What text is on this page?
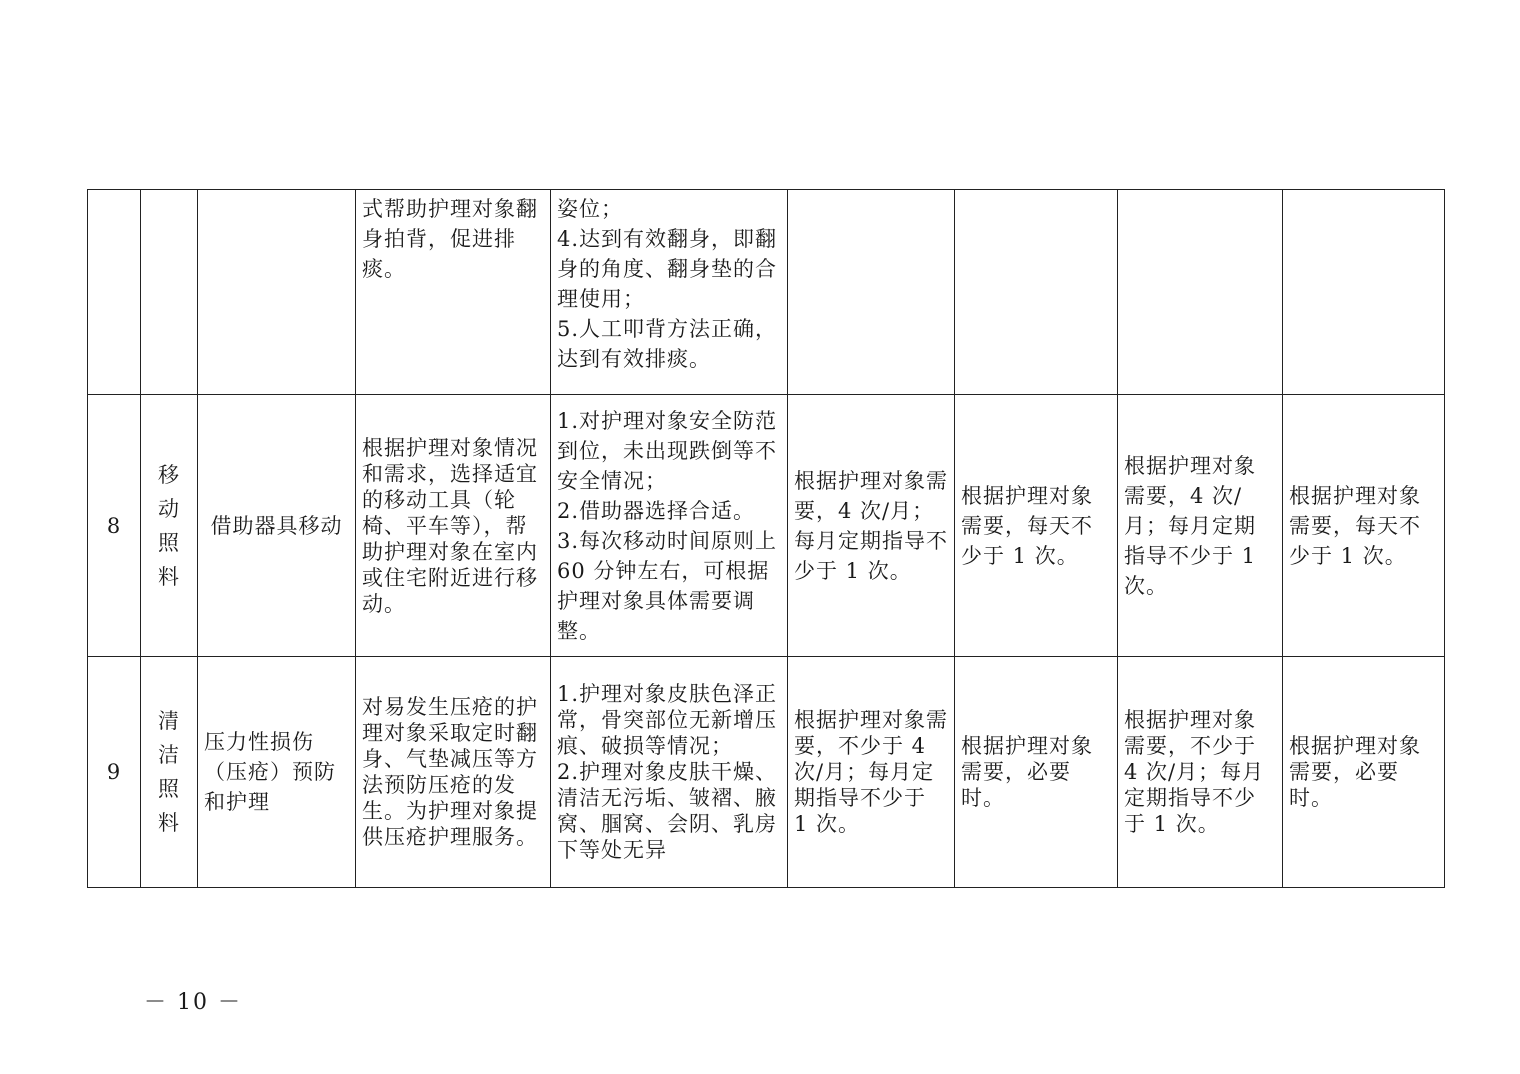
			式帮助护理对象翻身拍背，促进排痰。	姿位；
4.达到有效翻身，即翻身的角度、翻身垫的合理使用；
5.人工叩背方法正确，达到有效排痰。				
8	移
动
照
料	借助器具移动	根据护理对象情况和需求，选择适宜的移动工具（轮椅、平车等），帮助护理对象在室内或住宅附近进行移动。	1.对护理对象安全防范到位，未出现跌倒等不安全情况；
2.借助器选择合适。
3.每次移动时间原则上 60 分钟左右，可根据护理对象具体需要调整。	根据护理对象需要，4 次/月；每月定期指导不少于 1 次。	根据护理对象需要，每天不少于 1 次。	根据护理对象需要，4 次/月；每月定期指导不少于 1 次。	根据护理对象需要，每天不少于 1 次。
9	清
洁
照
料	压力性损伤（压疮）预防和护理	对易发生压疮的护理对象采取定时翻身、气垫减压等方法预防压疮的发生。为护理对象提供压疮护理服务。	1.护理对象皮肤色泽正常，骨突部位无新增压痕、破损等情况；
2.护理对象皮肤干燥、清洁无污垢、皱褶、腋窝、腘窝、会阴、乳房下等处无异	根据护理对象需要，不少于 4 次/月；每月定期指导不少于 1 次。	根据护理对象需要，必要时。	根据护理对象需要，不少于 4 次/月；每月定期指导不少于 1 次。	根据护理对象需要，必要时。
－ 10 －
